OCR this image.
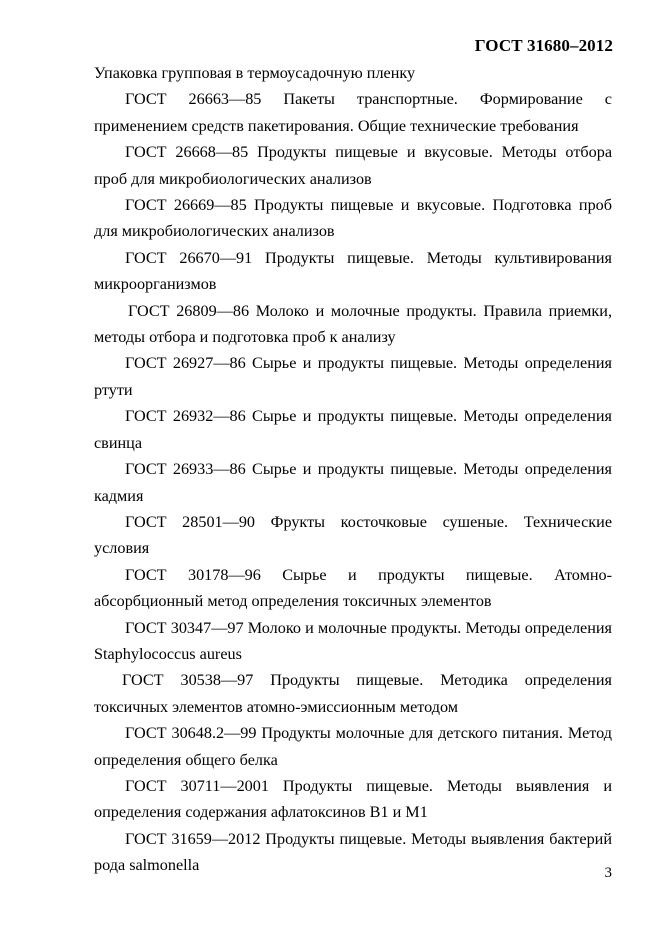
ГОСТ 31680–2012

Упаковка групповая в термоусадочную пленку

ГОСТ 26663—85 Пакеты транспортные. Формирование с применением средств пакетирования. Общие технические требования

ГОСТ 26668—85 Продукты пищевые и вкусовые. Методы отбора проб для микробиологических анализов

ГОСТ 26669—85 Продукты пищевые и вкусовые. Подготовка проб для микробиологических анализов

ГОСТ 26670—91 Продукты пищевые. Методы культивирования микроорганизмов

ГОСТ 26809—86 Молоко и молочные продукты. Правила приемки, методы отбора и подготовка проб к анализу

ГОСТ 26927—86 Сырье и продукты пищевые. Методы определения ртути

ГОСТ 26932—86 Сырье и продукты пищевые. Методы определения свинца

ГОСТ 26933—86 Сырье и продукты пищевые. Методы определения кадмия

ГОСТ 28501—90 Фрукты косточковые сушеные. Технические условия

ГОСТ 30178—96 Сырье и продукты пищевые. Атомно-абсорбционный метод определения токсичных элементов

ГОСТ 30347—97 Молоко и молочные продукты. Методы определения Staphylococcus aureus

ГОСТ 30538—97 Продукты пищевые. Методика определения токсичных элементов атомно-эмиссионным методом

ГОСТ 30648.2—99 Продукты молочные для детского питания. Метод определения общего белка

ГОСТ 30711—2001 Продукты пищевые. Методы выявления и определения содержания афлатоксинов В1 и М1

ГОСТ 31659—2012 Продукты пищевые. Методы выявления бактерий рода salmonella	3
